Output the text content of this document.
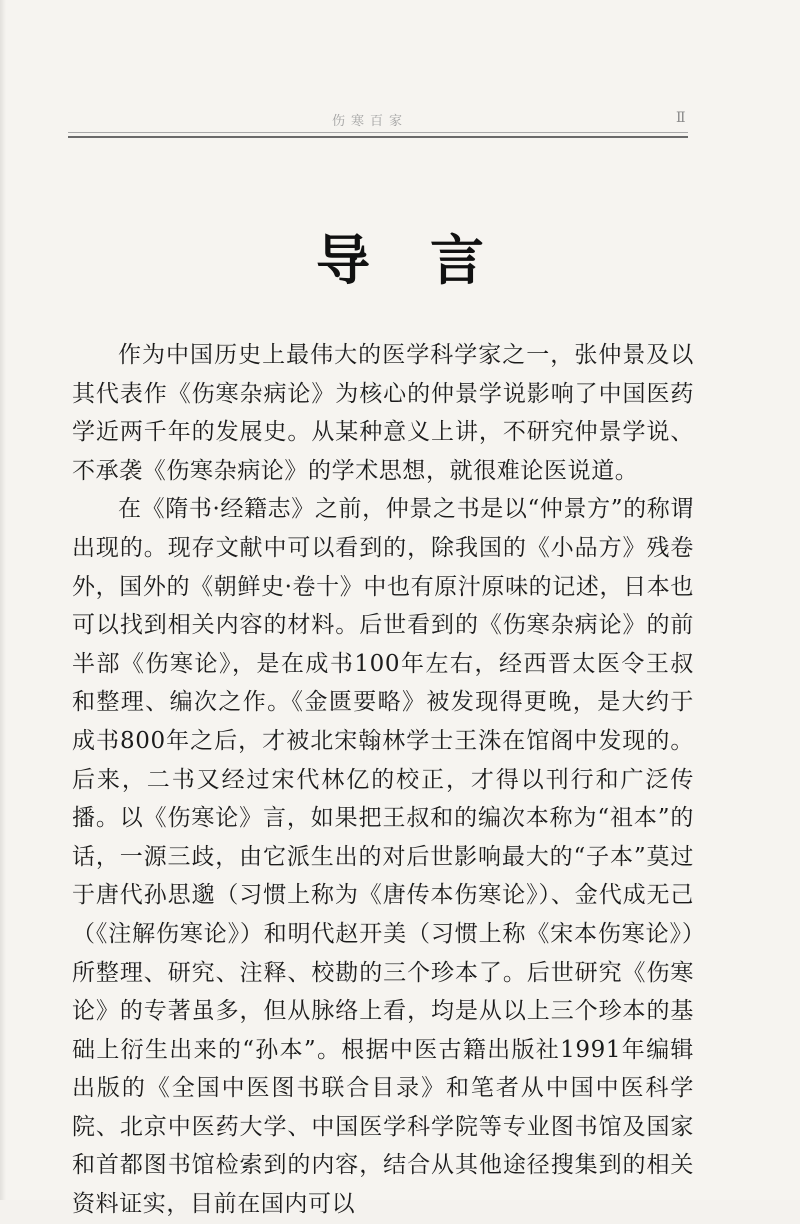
伤寒百家	Ⅱ
导言

作为中国历史上最伟大的医学科学家之一，张仲景及以其代表作《伤寒杂病论》为核心的仲景学说影响了中国医药学近两千年的发展史。从某种意义上讲，不研究仲景学说、不承袭《伤寒杂病论》的学术思想，就很难论医说道。

在《隋书·经籍志》之前，仲景之书是以“仲景方”的称谓出现的。现存文献中可以看到的，除我国的《小品方》残卷外，国外的《朝鲜史·卷十》中也有原汁原味的记述，日本也可以找到相关内容的材料。后世看到的《伤寒杂病论》的前半部《伤寒论》，是在成书100年左右，经西晋太医令王叔和整理、编次之作。《金匮要略》被发现得更晚，是大约于成书800年之后，才被北宋翰林学士王洙在馆阁中发现的。后来，二书又经过宋代林亿的校正，才得以刊行和广泛传播。以《伤寒论》言，如果把王叔和的编次本称为“祖本”的话，一源三歧，由它派生出的对后世影响最大的“子本”莫过于唐代孙思邈（习惯上称为《唐传本伤寒论》）、金代成无己（《注解伤寒论》）和明代赵开美（习惯上称《宋本伤寒论》）所整理、研究、注释、校勘的三个珍本了。后世研究《伤寒论》的专著虽多，但从脉络上看，均是从以上三个珍本的基础上衍生出来的“孙本”。根据中医古籍出版社1991年编辑出版的《全国中医图书联合目录》和笔者从中国中医科学院、北京中医药大学、中国医学科学院等专业图书馆及国家和首都图书馆检索到的内容，结合从其他途径搜集到的相关资料证实，目前在国内可以
